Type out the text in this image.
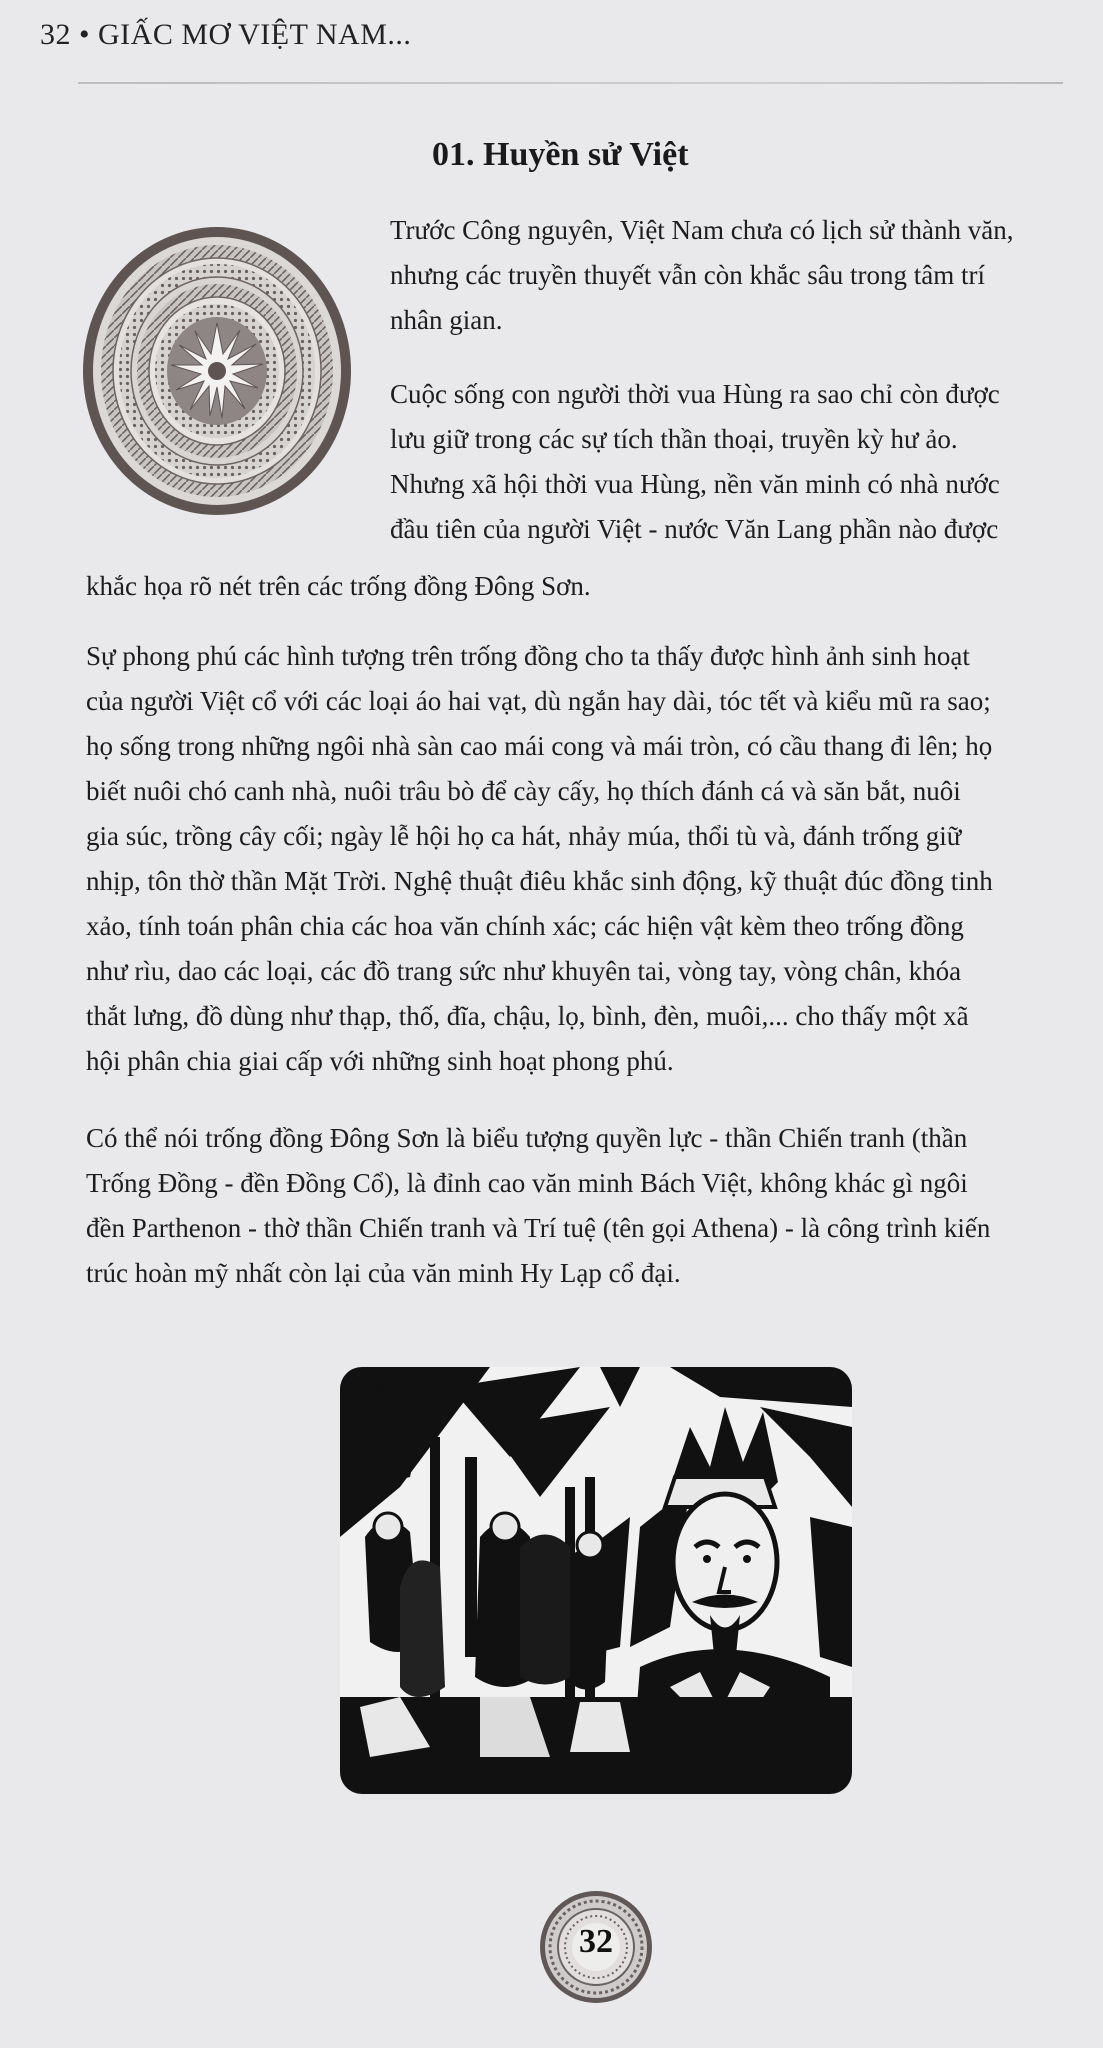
32 • GIẤC MƠ VIỆT NAM...
01. Huyền sử Việt

Trước Công nguyên, Việt Nam chưa có lịch sử thành văn,
nhưng các truyền thuyết vẫn còn khắc sâu trong tâm trí
nhân gian.

Cuộc sống con người thời vua Hùng ra sao chỉ còn được
lưu giữ trong các sự tích thần thoại, truyền kỳ hư ảo.
Nhưng xã hội thời vua Hùng, nền văn minh có nhà nước
đầu tiên của người Việt - nước Văn Lang phần nào được

khắc họa rõ nét trên các trống đồng Đông Sơn.

Sự phong phú các hình tượng trên trống đồng cho ta thấy được hình ảnh sinh hoạt
của người Việt cổ với các loại áo hai vạt, dù ngắn hay dài, tóc tết và kiểu mũ ra sao;
họ sống trong những ngôi nhà sàn cao mái cong và mái tròn, có cầu thang đi lên; họ
biết nuôi chó canh nhà, nuôi trâu bò để cày cấy, họ thích đánh cá và săn bắt, nuôi
gia súc, trồng cây cối; ngày lễ hội họ ca hát, nhảy múa, thổi tù và, đánh trống giữ
nhịp, tôn thờ thần Mặt Trời. Nghệ thuật điêu khắc sinh động, kỹ thuật đúc đồng tinh
xảo, tính toán phân chia các hoa văn chính xác; các hiện vật kèm theo trống đồng
như rìu, dao các loại, các đồ trang sức như khuyên tai, vòng tay, vòng chân, khóa
thắt lưng, đồ dùng như thạp, thố, đĩa, chậu, lọ, bình, đèn, muôi,... cho thấy một xã
hội phân chia giai cấp với những sinh hoạt phong phú.

Có thể nói trống đồng Đông Sơn là biểu tượng quyền lực - thần Chiến tranh (thần
Trống Đồng - đền Đồng Cổ), là đỉnh cao văn minh Bách Việt, không khác gì ngôi
đền Parthenon - thờ thần Chiến tranh và Trí tuệ (tên gọi Athena) - là công trình kiến
trúc hoàn mỹ nhất còn lại của văn minh Hy Lạp cổ đại.

m.Tiến
32
